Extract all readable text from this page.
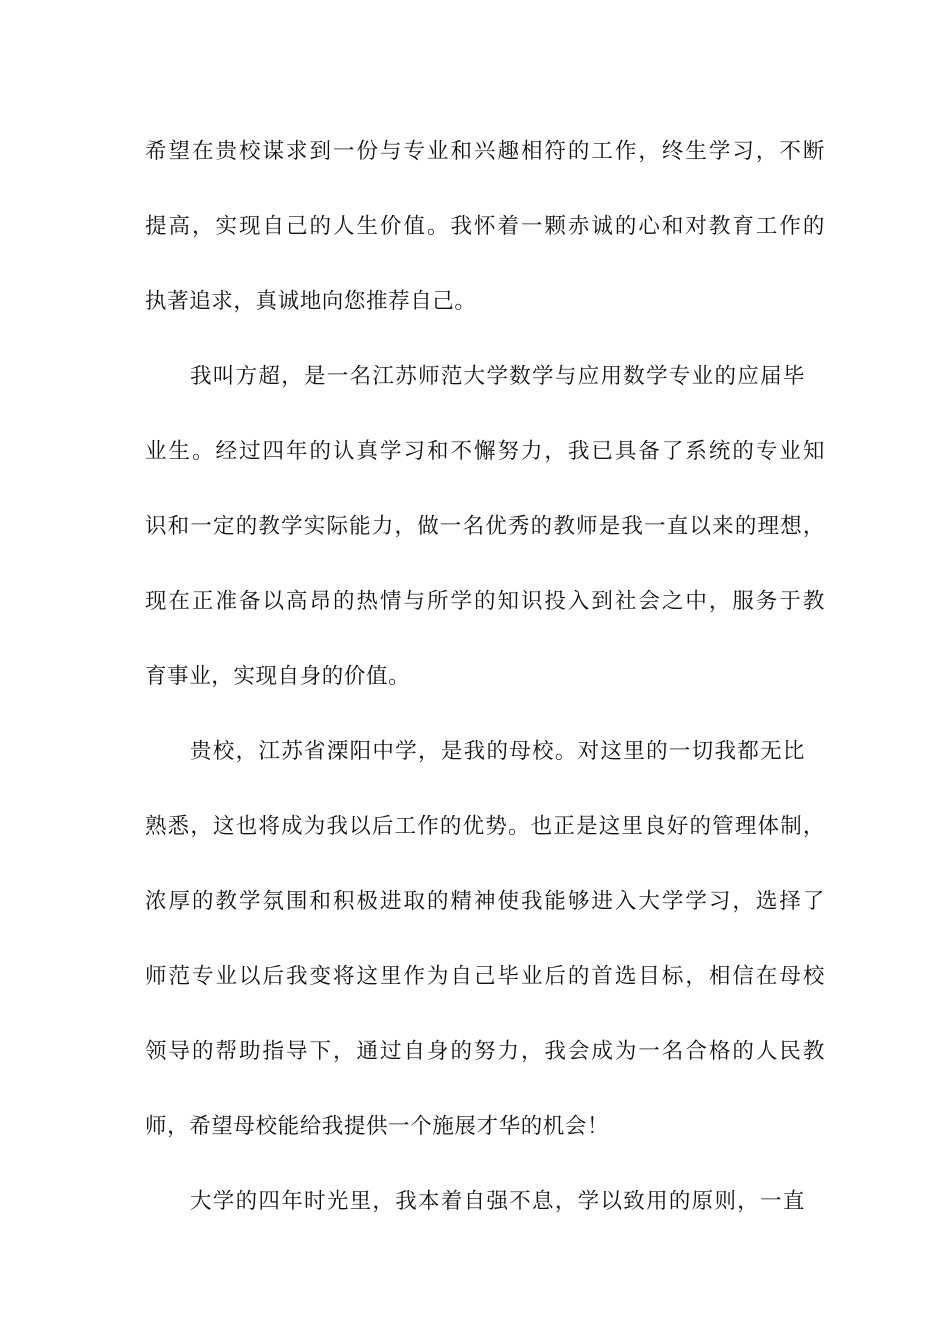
希望在贵校谋求到一份与专业和兴趣相符的工作，终生学习，不断
提高，实现自己的人生价值。我怀着一颗赤诚的心和对教育工作的
执著追求，真诚地向您推荐自己。
我叫方超，是一名江苏师范大学数学与应用数学专业的应届毕
业生。经过四年的认真学习和不懈努力，我已具备了系统的专业知
识和一定的教学实际能力，做一名优秀的教师是我一直以来的理想，
现在正准备以高昂的热情与所学的知识投入到社会之中，服务于教
育事业，实现自身的价值。
贵校，江苏省溧阳中学，是我的母校。对这里的一切我都无比
熟悉，这也将成为我以后工作的优势。也正是这里良好的管理体制，
浓厚的教学氛围和积极进取的精神使我能够进入大学学习，选择了
师范专业以后我变将这里作为自己毕业后的首选目标，相信在母校
领导的帮助指导下，通过自身的努力，我会成为一名合格的人民教
师，希望母校能给我提供一个施展才华的机会！
大学的四年时光里，我本着自强不息，学以致用的原则，一直
